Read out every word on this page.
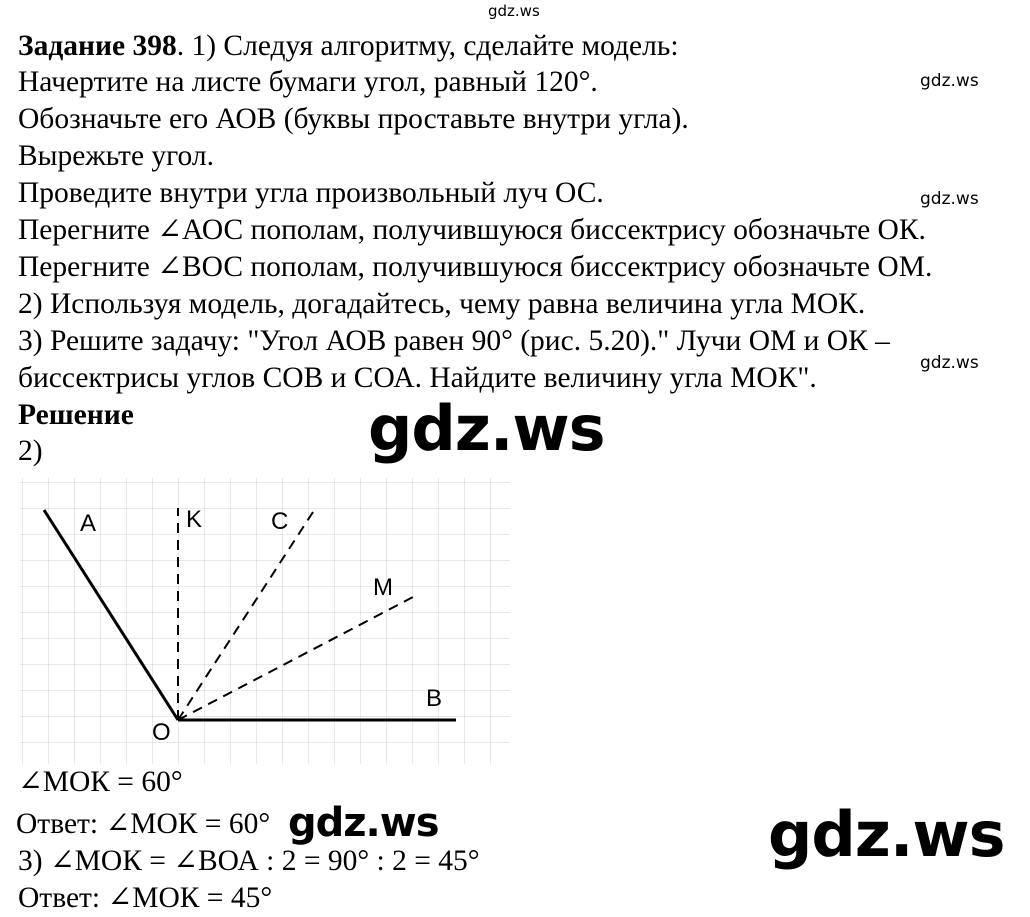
gdz.ws
gdz.ws
gdz.ws
gdz.ws
Задание 398. 1) Следуя алгоритму, сделайте модель:
Начертите на листе бумаги угол, равный 120°.
Обозначьте его АОВ (буквы проставьте внутри угла).
Вырежьте угол.
Проведите внутри угла произвольный луч ОС.
Перегните ∠АОС пополам, получившуюся биссектрису обозначьте ОК.
Перегните ∠ВОС пополам, получившуюся биссектрису обозначьте ОМ.
2) Используя модель, догадайтесь, чему равна величина угла МОК.
3) Решите задачу: "Угол АОВ равен 90° (рис. 5.20)." Лучи ОМ и ОК –
биссектрисы углов СОВ и СОА. Найдите величину угла МОК".
Решение
2)	gdz.ws
A	K	C
M
B
O
∠МОК = 60°
Ответ: ∠МОК = 60° gdz.ws
3) ∠МОК = ∠ВОА : 2 = 90° : 2 = 45°
Ответ: ∠МОК = 45°
gdz.ws
